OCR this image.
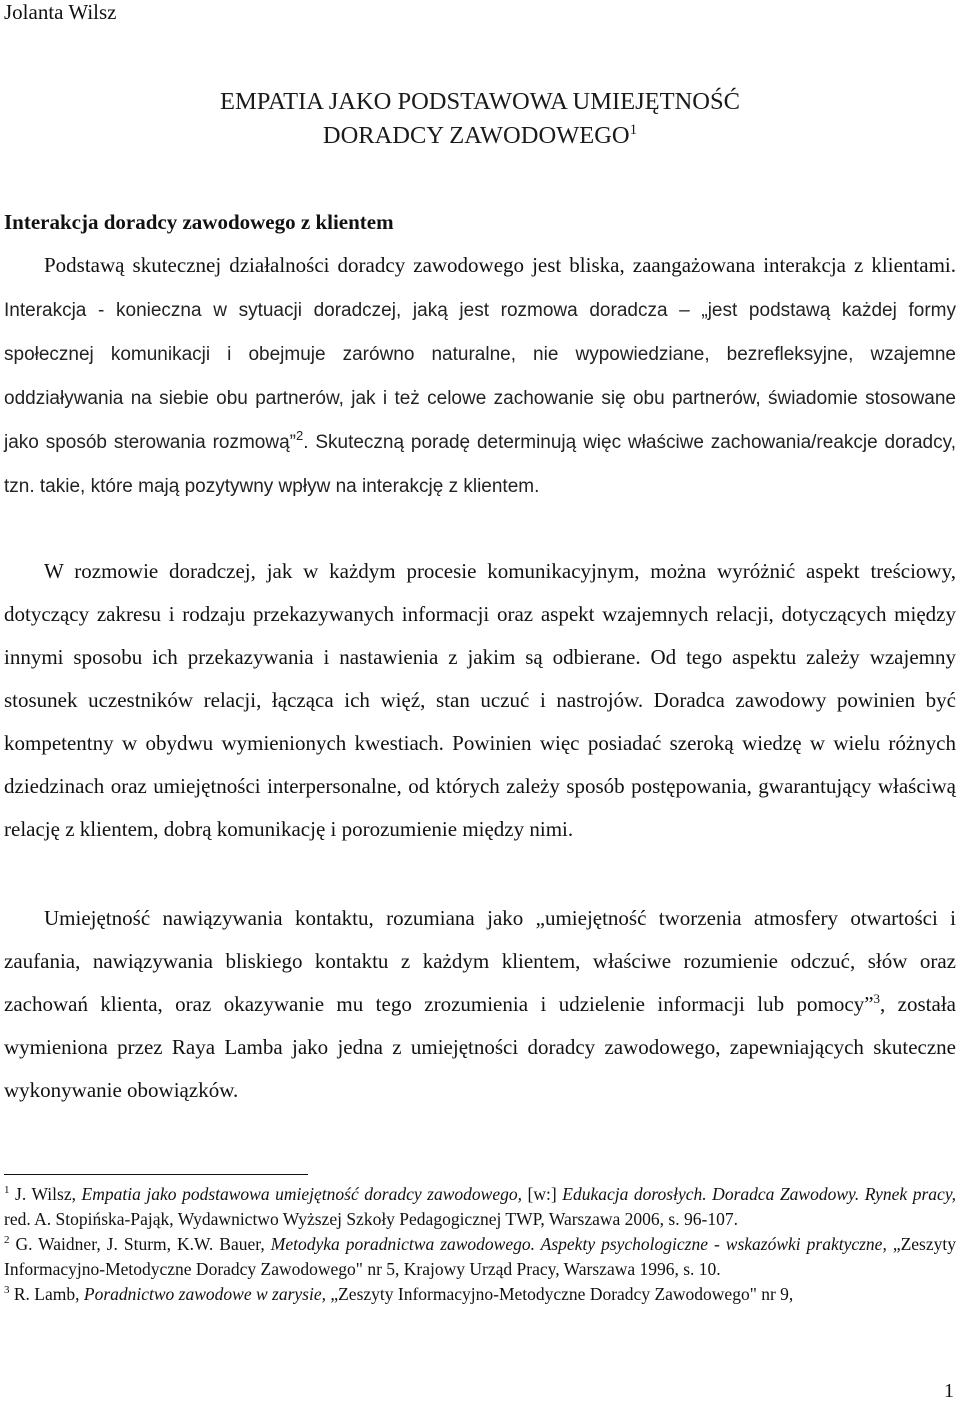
Jolanta Wilsz
EMPATIA JAKO PODSTAWOWA UMIEJĘTNOŚĆ
DORADCY ZAWODOWEGO$^1$
Interakcja doradcy zawodowego z klientem

Podstawą skutecznej działalności doradcy zawodowego jest bliska, zaangażowana interakcja z klientami. Interakcja - konieczna w sytuacji doradczej, jaką jest rozmowa doradcza – „jest podstawą każdej formy społecznej komunikacji i obejmuje zarówno naturalne, nie wypowiedziane, bezrefleksyjne, wzajemne oddziaływania na siebie obu partnerów, jak i też celowe zachowanie się obu partnerów, świadomie stosowane jako sposób sterowania rozmową”$^2$. Skuteczną poradę determinują więc właściwe zachowania/reakcje doradcy, tzn. takie, które mają pozytywny wpływ na interakcję z klientem.

W rozmowie doradczej, jak w każdym procesie komunikacyjnym, można wyróżnić aspekt treściowy, dotyczący zakresu i rodzaju przekazywanych informacji oraz aspekt wzajemnych relacji, dotyczących między innymi sposobu ich przekazywania i nastawienia z jakim są odbierane. Od tego aspektu zależy wzajemny stosunek uczestników relacji, łącząca ich więź, stan uczuć i nastrojów. Doradca zawodowy powinien być kompetentny w obydwu wymienionych kwestiach. Powinien więc posiadać szeroką wiedzę w wielu różnych dziedzinach oraz umiejętności interpersonalne, od których zależy sposób postępowania, gwarantujący właściwą relację z klientem, dobrą komunikację i porozumienie między nimi.

Umiejętność nawiązywania kontaktu, rozumiana jako „umiejętność tworzenia atmosfery otwartości i zaufania, nawiązywania bliskiego kontaktu z każdym klientem, właściwe rozumienie odczuć, słów oraz zachowań klienta, oraz okazywanie mu tego zrozumienia i udzielenie informacji lub pomocy”$^3$, została wymieniona przez Raya Lamba jako jedna z umiejętności doradcy zawodowego, zapewniających skuteczne wykonywanie obowiązków.

$^1$ J. Wilsz, Empatia jako podstawowa umiejętność doradcy zawodowego, [w:] Edukacja dorosłych. Doradca Zawodowy. Rynek pracy, red. A. Stopińska-Pająk, Wydawnictwo Wyższej Szkoły Pedagogicznej TWP, Warszawa 2006, s. 96-107.

$^2$ G. Waidner, J. Sturm, K.W. Bauer, Metodyka poradnictwa zawodowego. Aspekty psychologiczne - wskazówki praktyczne, „Zeszyty Informacyjno-Metodyczne Doradcy Zawodowego" nr 5, Krajowy Urząd Pracy, Warszawa 1996, s. 10.

$^3$ R. Lamb, Poradnictwo zawodowe w zarysie, „Zeszyty Informacyjno-Metodyczne Doradcy Zawodowego" nr 9,

1
